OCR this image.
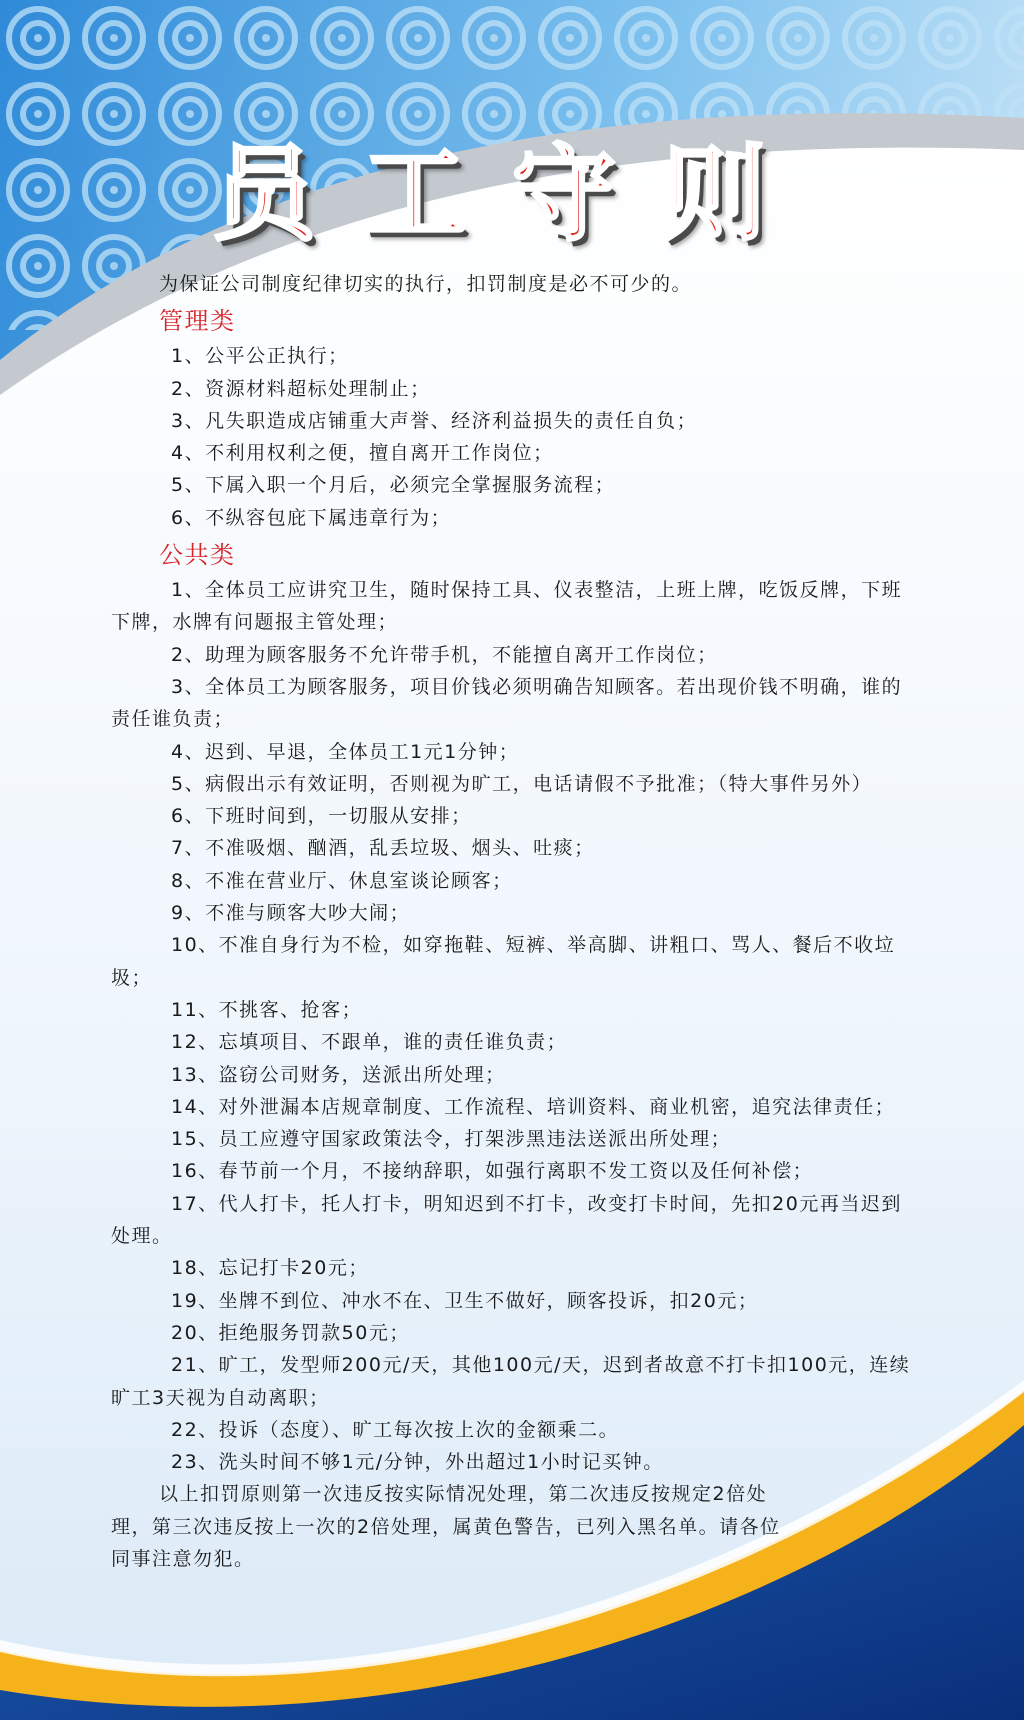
员工守则
为保证公司制度纪律切实的执行，扣罚制度是必不可少的。
管理类
1、公平公正执行；
2、资源材料超标处理制止；
3、凡失职造成店铺重大声誉、经济利益损失的责任自负；
4、不利用权利之便，擅自离开工作岗位；
5、下属入职一个月后，必须完全掌握服务流程；
6、不纵容包庇下属违章行为；
公共类
1、全体员工应讲究卫生，随时保持工具、仪表整洁，上班上牌，吃饭反牌，下班下牌，水牌有问题报主管处理；
2、助理为顾客服务不允许带手机，不能擅自离开工作岗位；
3、全体员工为顾客服务，项目价钱必须明确告知顾客。若出现价钱不明确，谁的责任谁负责；
4、迟到、早退，全体员工1元1分钟；
5、病假出示有效证明，否则视为旷工，电话请假不予批准；（特大事件另外）
6、下班时间到，一切服从安排；
7、不准吸烟、酗酒，乱丢垃圾、烟头、吐痰；
8、不准在营业厅、休息室谈论顾客；
9、不准与顾客大吵大闹；
10、不准自身行为不检，如穿拖鞋、短裤、举高脚、讲粗口、骂人、餐后不收垃圾；
11、不挑客、抢客；
12、忘填项目、不跟单，谁的责任谁负责；
13、盗窃公司财务，送派出所处理；
14、对外泄漏本店规章制度、工作流程、培训资料、商业机密，追究法律责任；
15、员工应遵守国家政策法令，打架涉黑违法送派出所处理；
16、春节前一个月，不接纳辞职，如强行离职不发工资以及任何补偿；
17、代人打卡，托人打卡，明知迟到不打卡，改变打卡时间，先扣20元再当迟到处理。
18、忘记打卡20元；
19、坐牌不到位、冲水不在、卫生不做好，顾客投诉，扣20元；
20、拒绝服务罚款50元；
21、旷工，发型师200元/天，其他100元/天，迟到者故意不打卡扣100元，连续旷工3天视为自动离职；
22、投诉（态度）、旷工每次按上次的金额乘二。
23、洗头时间不够1元/分钟，外出超过1小时记买钟。
以上扣罚原则第一次违反按实际情况处理，第二次违反按规定2倍处理，第三次违反按上一次的2倍处理，属黄色警告，已列入黑名单。请各位同事注意勿犯。
